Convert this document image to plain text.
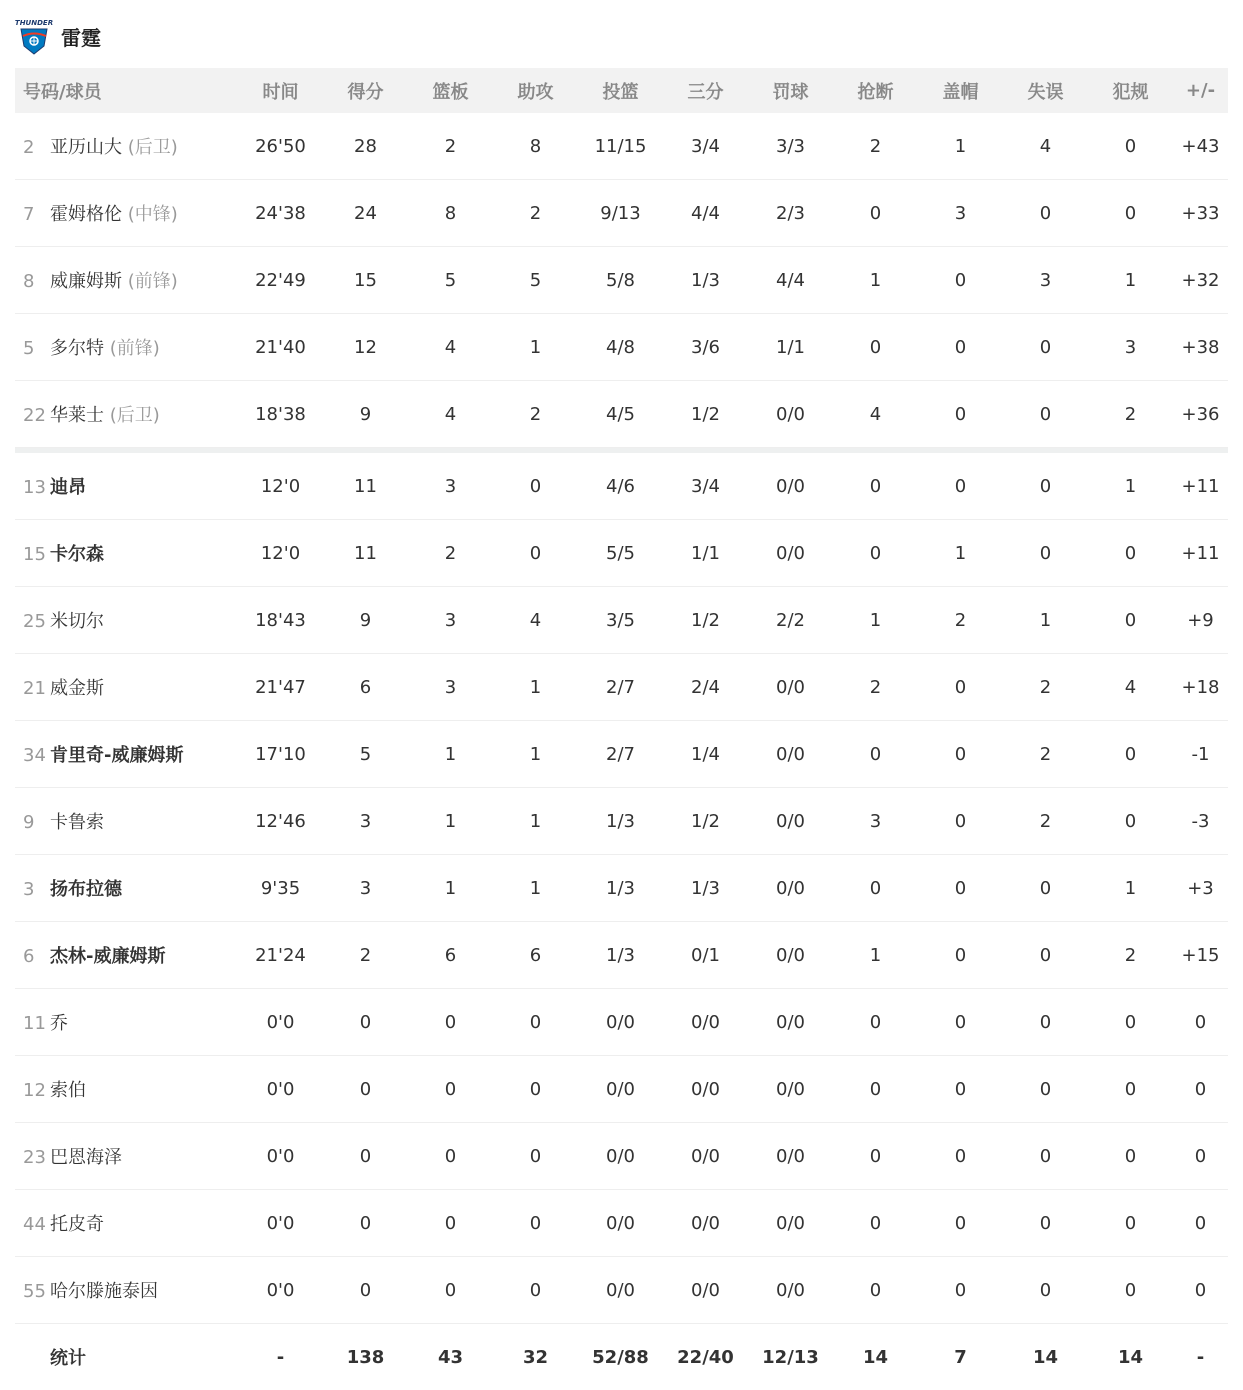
THUNDER
雷霆
号码/球员	时间	得分	篮板	助攻	投篮	三分	罚球	抢断	盖帽	失误	犯规	+/-
2 亚历山大 (后卫)	26'50	28	2	8	11/15	3/4	3/3	2	1	4	0	+43
7 霍姆格伦 (中锋)	24'38	24	8	2	9/13	4/4	2/3	0	3	0	0	+33
8 威廉姆斯 (前锋)	22'49	15	5	5	5/8	1/3	4/4	1	0	3	1	+32
5 多尔特 (前锋)	21'40	12	4	1	4/8	3/6	1/1	0	0	0	3	+38
22 华莱士 (后卫)	18'38	9	4	2	4/5	1/2	0/0	4	0	0	2	+36

13 迪昂	12'0	11	3	0	4/6	3/4	0/0	0	0	0	1	+11
15 卡尔森	12'0	11	2	0	5/5	1/1	0/0	0	1	0	0	+11
25 米切尔	18'43	9	3	4	3/5	1/2	2/2	1	2	1	0	+9
21 威金斯	21'47	6	3	1	2/7	2/4	0/0	2	0	2	4	+18
34 肯里奇-威廉姆斯	17'10	5	1	1	2/7	1/4	0/0	0	0	2	0	-1
9 卡鲁索	12'46	3	1	1	1/3	1/2	0/0	3	0	2	0	-3
3 扬布拉德	9'35	3	1	1	1/3	1/3	0/0	0	0	0	1	+3
6 杰林-威廉姆斯	21'24	2	6	6	1/3	0/1	0/0	1	0	0	2	+15
11 乔	0'0	0	0	0	0/0	0/0	0/0	0	0	0	0	0
12 索伯	0'0	0	0	0	0/0	0/0	0/0	0	0	0	0	0
23 巴恩海泽	0'0	0	0	0	0/0	0/0	0/0	0	0	0	0	0
44 托皮奇	0'0	0	0	0	0/0	0/0	0/0	0	0	0	0	0
55 哈尔滕施泰因	0'0	0	0	0	0/0	0/0	0/0	0	0	0	0	0
统计	-	138	43	32	52/88	22/40	12/13	14	7	14	14	-
